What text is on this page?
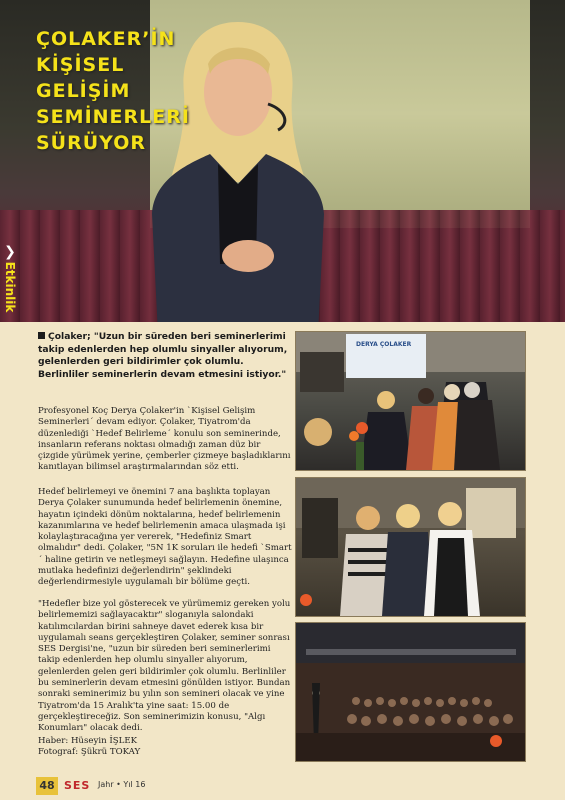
ÇOLAKER’İN
KİŞİSEL
GELİŞİM
SEMİNERLERİ
SÜRÜYOR
❯
Etkinlik
Çolaker; "Uzun bir süreden beri seminerlerimi takip edenlerden hep olumlu sinyaller alıyorum, gelenlerden geri bildirimler çok olumlu. Berlinliler seminerlerin devam etmesini istiyor."
Profesyonel Koç Derya Çolaker'in `Kişisel Gelişim Seminerleri´ devam ediyor. Çolaker, Tiyatrom'da düzenlediği `Hedef Belirleme´ konulu son seminerinde, insanların referans noktası olmadığı zaman düz bir çizgide yürümek yerine, çemberler çizmeye başladıklarını kanıtlayan bilimsel araştırmalarından söz etti.
Hedef belirlemeyi ve önemini 7 ana başlıkta toplayan Derya Çolaker sunumunda hedef belirlemenin önemine, hayatın içindeki dönüm noktalarına, hedef belirlemenin kazanımlarına ve hedef belirlemenin amaca ulaşmada işi kolaylaştıracağına yer vererek, "Hedefiniz Smart olmalıdır" dedi. Çolaker, "5N 1K soruları ile hedefi `Smart´ haline getirin ve netleşmeyi sağlayın. Hedefine ulaşınca mutlaka hedefinizi değerlendirin" şeklindeki değerlendirmesiyle uygulamalı bir bölüme geçti.
"Hedefler bize yol gösterecek ve yürümemiz gereken yolu belirlememizi sağlayacaktır" sloganıyla salondaki katılımcılardan birini sahneye davet ederek kısa bir uygulamalı seans gerçekleştiren Çolaker, seminer sonrası SES Dergisi'ne, "uzun bir süreden beri seminerlerimi takip edenlerden hep olumlu sinyaller alıyorum, gelenlerden gelen geri bildirimler çok olumlu. Berlinliler bu seminerlerin devam etmesini gönülden istiyor. Bundan sonraki seminerimiz bu yılın son semineri olacak ve yine Tiyatrom'da 15 Aralık'ta yine saat: 15.00 de gerçekleştireceğiz. Son seminerimizin konusu, "Algı Konumları" olacak dedi.
Haber: Hüseyin İŞLEK
Fotograf: Şükrü TOKAY
DERYA ÇOLAKER
48 SES Jahr • Yıl 16
